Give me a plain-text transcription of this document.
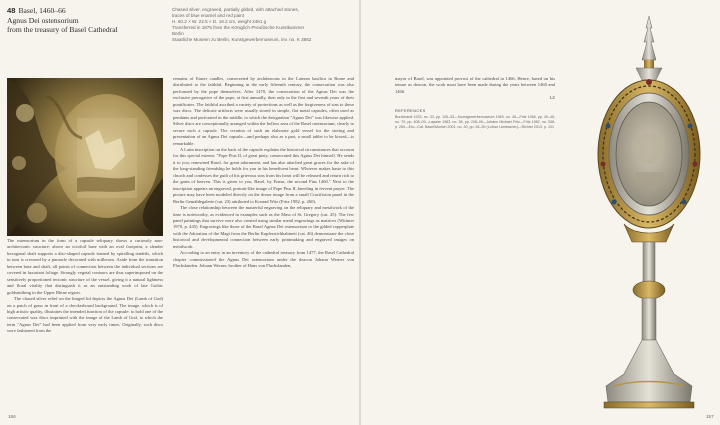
48 Basel, 1460–66
Agnus Dei ostensorium
from the treasury of Basel Cathedral
Chased silver, engraved, partially gilded, with attached stones,
traces of blue enamel and red paint
H. 60.2 × W. 22.5 × D. 18.2 cm, weight 2461 g
Transferred in 1875 from the Königlich-Preußische Kunstkammer
Berlin
Staatliche Museen zu Berlin, Kunstgewerbemuseum, inv. no. K 3862

The ostensorium in the form of a capsule reliquary shows a curiously non-architectonic structure: above an octofoil base with an oval footprint, a slender hexagonal shaft supports a disc-shaped capsule framed by spiralling tendrils, which in turn is crowned by a pinnacle decorated with millerons. Aside from the transition between base and shaft, all points of connection between the individual sections are covered in luxuriant foliage. Strongly vegetal contours are thus superimposed on the sensitively proportioned tectonic structure of the vessel, giving it a natural lightness and floral vitality that distinguish it as an outstanding work of late Gothic goldsmithing in the Upper Rhine region.

The chased silver relief on the hinged lid depicts the Agnus Dei (Lamb of God) on a patch of grass in front of a checkerboard background. The image, which is of high artistic quality, illustrates the intended function of the capsule: to hold one of the consecrated wax discs imprinted with the image of the Lamb of God, to which the term "Agnus Dei" had been applied from very early times. Originally, such discs were fashioned from the

remains of Easter candles, consecrated by archdeacons in the Lateran basilica in Rome and distributed to the faithful. Beginning in the early fifteenth century, the consecration was also performed by the pope themselves. After 1470, the consecration of the Agnus Dei was the exclusive prerogative of the pope, at first annually, then only in the first and seventh years of their pontificates. The faithful ascribed a variety of protections as well as the forgiveness of sins to these wax discs. The delicate artifacts were usually stored in simple, flat metal capsules, often used as pendants and perforated in the middle, to which the designation "Agnus Dei" was likewise applied. Silver discs are conceptionally arranged within the hollow area of the Basel ostensorium, clearly to secure such a capsule. The creation of such an elaborate gold vessel for the storing and presentation of an Agnus Dei capsule—and perhaps also as a part, a small tablet to be kissed—is remarkable.

A Latin inscription on the back of the capsule explains the historical circumstances that account for this special esteem: "Pope Pius II, of great piety, consecrated this Agnus Dei himself. He sends it to you, renowned Basel, for great adornment, and has also attached great graces for the sake of the long-standing friendship he holds for you in his beneficent heart. Whoever makes haste to this church and confesses the guilt of his grievous sins from his heart will be released and return rich to the gates of heaven. This is given to you, Basel, by Eneas, the second Pius 1460." Next to the inscription appears an engraved, portrait-like image of Pope Pius II, kneeling in fervent prayer. The picture may have been modeled directly on the donor image from a small Crucifixion panel in the Berlin Gemäldegalerie (cat. 23) attributed to Konrad Witz (Fritz 1982, p. 260).

The close relationship between the masterful engraving on the reliquary and metalwork of the time is noteworthy, as evidenced in examples such as the Mass of St. Gregory (cat. 45). The few panel paintings that survive were also created using similar metal engravings as matrices (Wittmer 1970, p. 445). Engravings like those of the Basel Agnus Dei ostensorium or the gilded copperplate with the Adoration of the Magi from the Berlin Kupferstichkabinett (cat. 46) demonstrate the close historical and developmental connection between early printmaking and engraved images on metalwork.

According to an entry in an inventory of the cathedral treasury from 1477, the Basel Cathedral chapter commissioned the Agnus Dei ostensorium under the deacon Johann Werner von Flachslanden. Johann Werner, brother of Hans von Flachslanden,

156

mayor of Basel, was appointed provost of the cathedral in 1466. Hence, based on his tenure as deacon, the work must have been made during the years between 1460 and 1466.

LZ
REFERENCES
Burckhardt 1933, no. 33, pp. 126–33—Kunstgewerbemuseum 1963, no. 45—Fritz 1966, pp. 40–45, no. 79, pp. 408–09—Lapaire 1983, no. 38, pp. 208–09—Johann Michael Fritz—Fritz 1982, no. 538, p. 260—Ein—Cat. Basel/Munich 2001, no. 30, pp. 54–59 (Lothar Lambacher)—Richter 2013, p. 101
157
